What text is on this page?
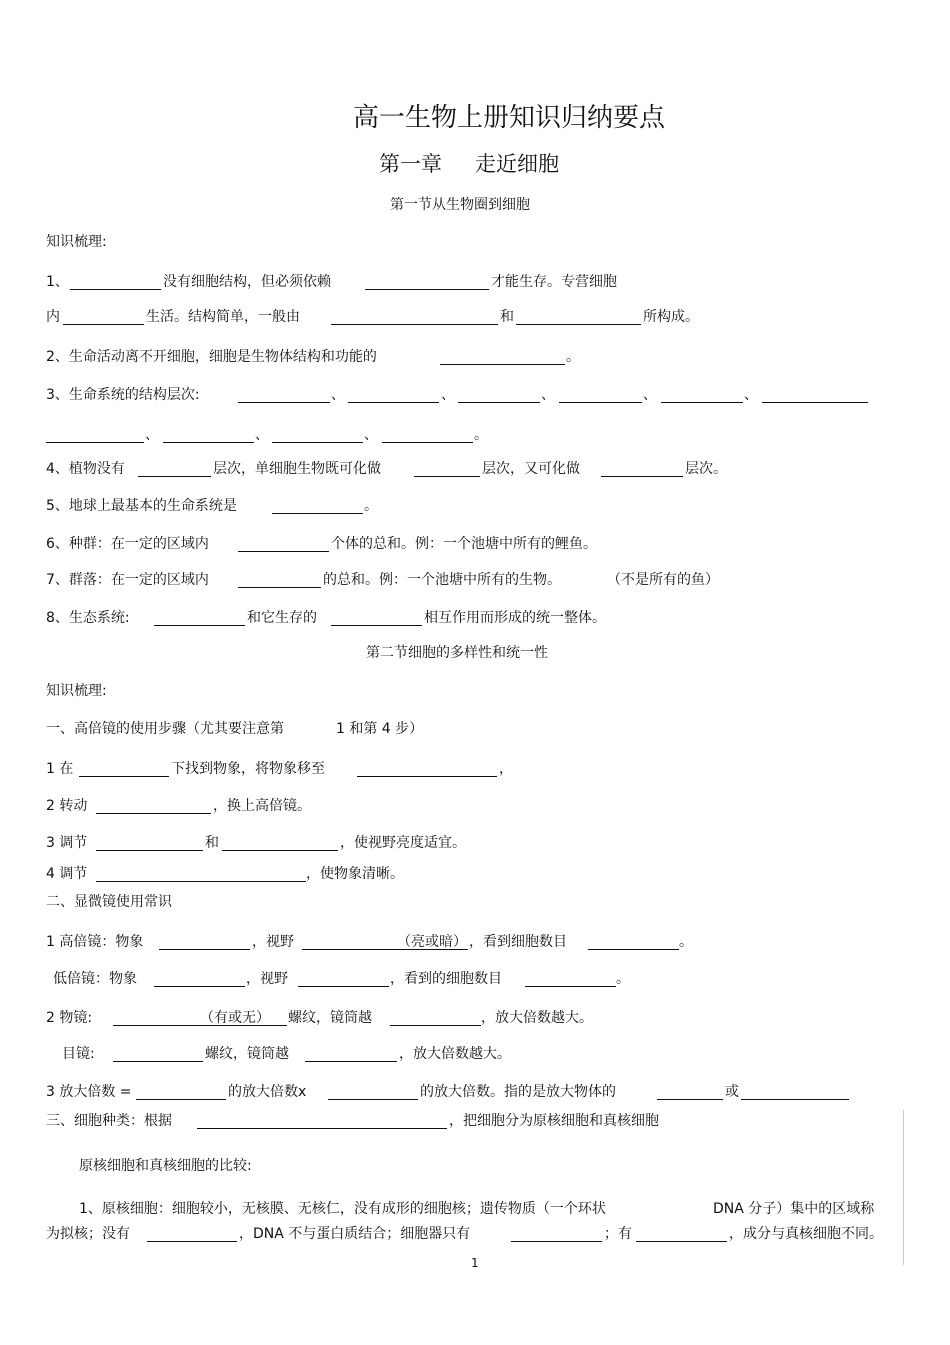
高一生物上册知识归纳要点
第一章 走近细胞
第一节从生物圈到细胞
知识梳理:
1、	没有细胞结构，但必须依赖	才能生存。专营细胞
内	生活。结构简单，一般由	和	所构成。
2、生命活动离不开细胞，细胞是生物体结构和功能的	。
3、生命系统的结构层次:	、	、	、	、	、
、	、	、	。
4、植物没有	层次，单细胞生物既可化做	层次，又可化做	层次。
5、地球上最基本的生命系统是	。
6、种群：在一定的区域内	个体的总和。例：一个池塘中所有的鲤鱼。
7、群落：在一定的区域内	的总和。例：一个池塘中所有的生物。	（不是所有的鱼）
8、生态系统:	和它生存的	相互作用而形成的统一整体。
第二节细胞的多样性和统一性
知识梳理:
一、高倍镜的使用步骤（尤其要注意第	1 和第 4 步）
1 在	下找到物象，将物象移至	，
2 转动	，换上高倍镜。
3 调节	和	，使视野亮度适宜。
4 调节	，使物象清晰。
二、显微镜使用常识
1 高倍镜：物象	，视野	（亮或暗） ，看到细胞数目	。
低倍镜：物象	，视野	，看到的细胞数目	。
2 物镜:	（有或无） 螺纹，镜筒越	，放大倍数越大。
目镜:	螺纹，镜筒越	，放大倍数越大。
3 放大倍数 =	的放大倍数x	的放大倍数。指的是放大物体的	或
三、细胞种类：根据	，把细胞分为原核细胞和真核细胞
原核细胞和真核细胞的比较:
1、原核细胞：细胞较小，无核膜、无核仁，没有成形的细胞核；遗传物质（一个环状	DNA 分子）集中的区域称
为拟核；没有	，DNA 不与蛋白质结合；细胞器只有	；有	，成分与真核细胞不同。
1
